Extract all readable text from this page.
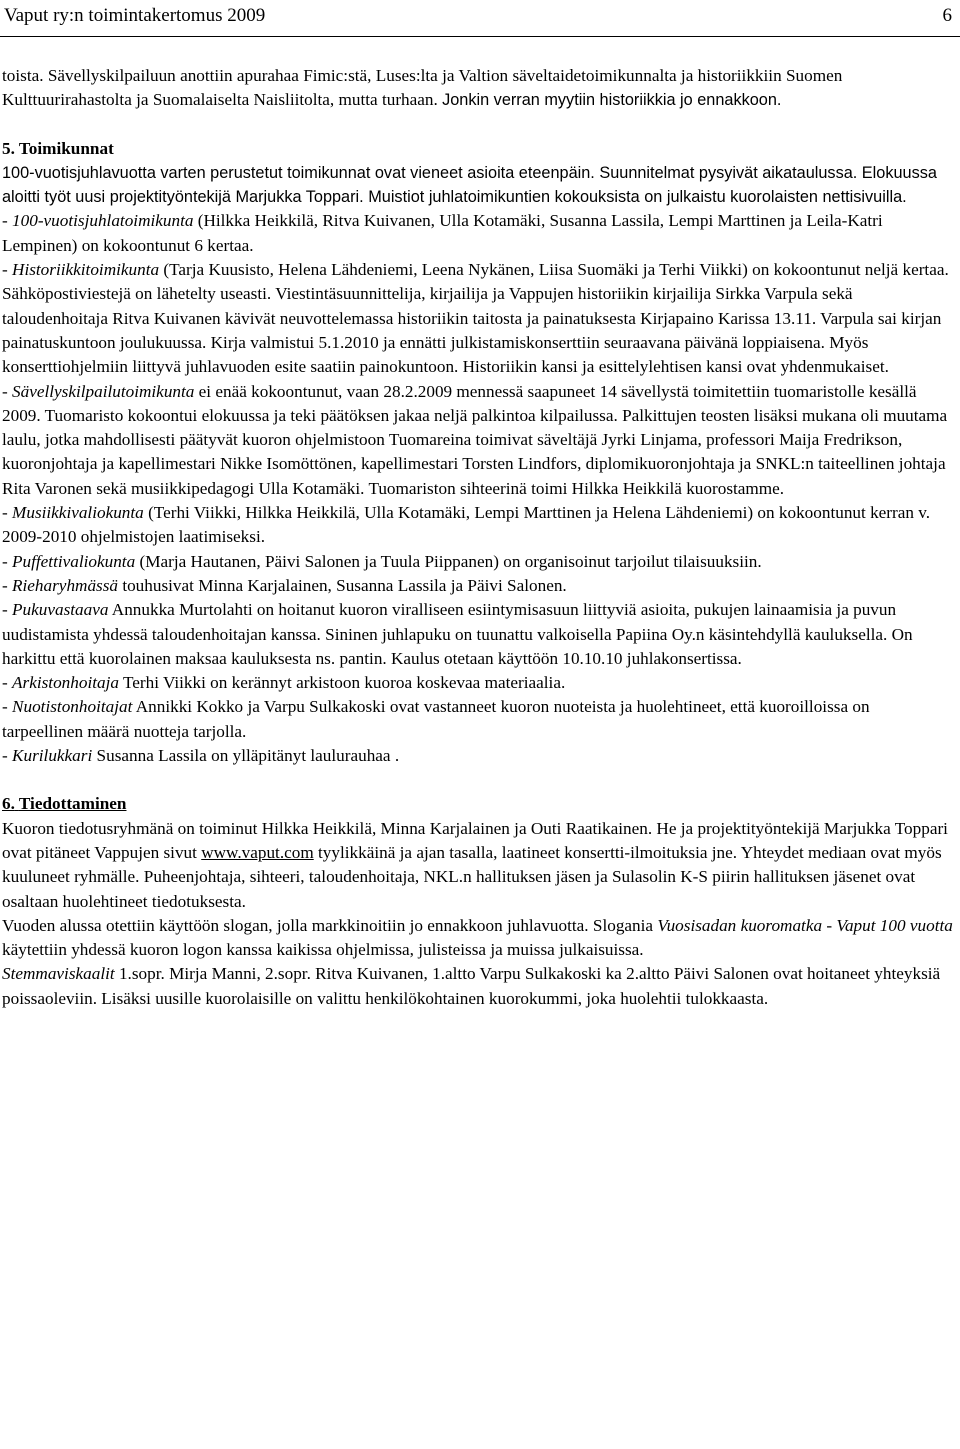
Vaput ry:n toimintakertomus 2009	6

toista. Sävellyskilpailuun anottiin apurahaa Fimic:stä, Luses:lta ja Valtion säveltaidetoimikunnalta ja historiikkiin Suomen Kulttuurirahastolta ja Suomalaiselta Naisliitolta, mutta turhaan. Jonkin verran myytiin historiikkia jo ennakkoon.

5. Toimikunnat

100-vuotisjuhlavuotta varten perustetut toimikunnat ovat vieneet asioita eteenpäin. Suunnitelmat pysyivät aikataulussa. Elokuussa aloitti työt uusi projektityöntekijä Marjukka Toppari. Muistiot juhlatoimikuntien kokouksista on julkaistu kuorolaisten nettisivuilla.

- 100-vuotisjuhlatoimikunta (Hilkka Heikkilä, Ritva Kuivanen, Ulla Kotamäki, Susanna Lassila, Lempi Marttinen ja Leila-Katri Lempinen) on kokoontunut 6 kertaa.

- Historiikkitoimikunta (Tarja Kuusisto, Helena Lähdeniemi, Leena Nykänen, Liisa Suomäki ja Terhi Viikki) on kokoontunut neljä kertaa. Sähköpostiviestejä on lähetelty useasti. Viestintäsuunnittelija, kirjailija ja Vappujen historiikin kirjailija Sirkka Varpula sekä taloudenhoitaja Ritva Kuivanen kävivät neuvottelemassa historiikin taitosta ja painatuksesta Kirjapaino Karissa 13.11. Varpula sai kirjan painatuskuntoon joulukuussa. Kirja valmistui 5.1.2010 ja ennätti julkistamiskonserttiin seuraavana päivänä loppiaisena. Myös konserttiohjelmiin liittyvä juhlavuoden esite saatiin painokuntoon. Historiikin kansi ja esittelylehtisen kansi ovat yhdenmukaiset.

- Sävellyskilpailutoimikunta ei enää kokoontunut, vaan 28.2.2009 mennessä saapuneet 14 sävellystä toimitettiin tuomaristolle kesällä 2009. Tuomaristo kokoontui elokuussa ja teki päätöksen jakaa neljä palkintoa kilpailussa. Palkittujen teosten lisäksi mukana oli muutama laulu, jotka mahdollisesti päätyvät kuoron ohjelmistoon Tuomareina toimivat säveltäjä Jyrki Linjama, professori Maija Fredrikson, kuoronjohtaja ja kapellimestari Nikke Isomöttönen, kapellimestari Torsten Lindfors, diplomikuoronjohtaja ja SNKL:n taiteellinen johtaja Rita Varonen sekä musiikkipedagogi Ulla Kotamäki. Tuomariston sihteerinä toimi Hilkka Heikkilä kuorostamme.

- Musiikkivaliokunta (Terhi Viikki, Hilkka Heikkilä, Ulla Kotamäki, Lempi Marttinen ja Helena Lähdeniemi) on kokoontunut kerran v. 2009-2010 ohjelmistojen laatimiseksi.

- Puffettivaliokunta (Marja Hautanen, Päivi Salonen ja Tuula Piippanen) on organisoinut tarjoilut tilaisuuksiin.

- Rieharyhmässä touhusivat Minna Karjalainen, Susanna Lassila ja Päivi Salonen.

- Pukuvastaava Annukka Murtolahti on hoitanut kuoron viralliseen esiintymisasuun liittyviä asioita, pukujen lainaamisia ja puvun uudistamista yhdessä taloudenhoitajan kanssa. Sininen juhlapuku on tuunattu valkoisella Papiina Oy.n käsintehdyllä kauluksella. On harkittu että kuorolainen maksaa kauluksesta ns. pantin. Kaulus otetaan käyttöön 10.10.10 juhlakonsertissa.

- Arkistonhoitaja Terhi Viikki on kerännyt arkistoon kuoroa koskevaa materiaalia.

- Nuotistonhoitajat Annikki Kokko ja Varpu Sulkakoski ovat vastanneet kuoron nuoteista ja huolehtineet, että kuoroilloissa on tarpeellinen määrä nuotteja tarjolla.

- Kurilukkari Susanna Lassila on ylläpitänyt laulurauhaa .

6. Tiedottaminen

Kuoron tiedotusryhmänä on toiminut Hilkka Heikkilä, Minna Karjalainen ja Outi Raatikainen. He ja projektityöntekijä Marjukka Toppari ovat pitäneet Vappujen sivut www.vaput.com tyylikkäinä ja ajan tasalla, laatineet konsertti-ilmoituksia jne. Yhteydet mediaan ovat myös kuuluneet ryhmälle. Puheenjohtaja, sihteeri, taloudenhoitaja, NKL.n hallituksen jäsen ja Sulasolin K-S piirin hallituksen jäsenet ovat osaltaan huolehtineet tiedotuksesta.

Vuoden alussa otettiin käyttöön slogan, jolla markkinoitiin jo ennakkoon juhlavuotta. Slogania Vuosisadan kuoromatka - Vaput 100 vuotta käytettiin yhdessä kuoron logon kanssa kaikissa ohjelmissa, julisteissa ja muissa julkaisuissa.

Stemmaviskaalit 1.sopr. Mirja Manni, 2.sopr. Ritva Kuivanen, 1.altto Varpu Sulkakoski ka 2.altto Päivi Salonen ovat hoitaneet yhteyksiä poissaoleviin. Lisäksi uusille kuorolaisille on valittu henkilökohtainen kuorokummi, joka huolehtii tulokkaasta.
